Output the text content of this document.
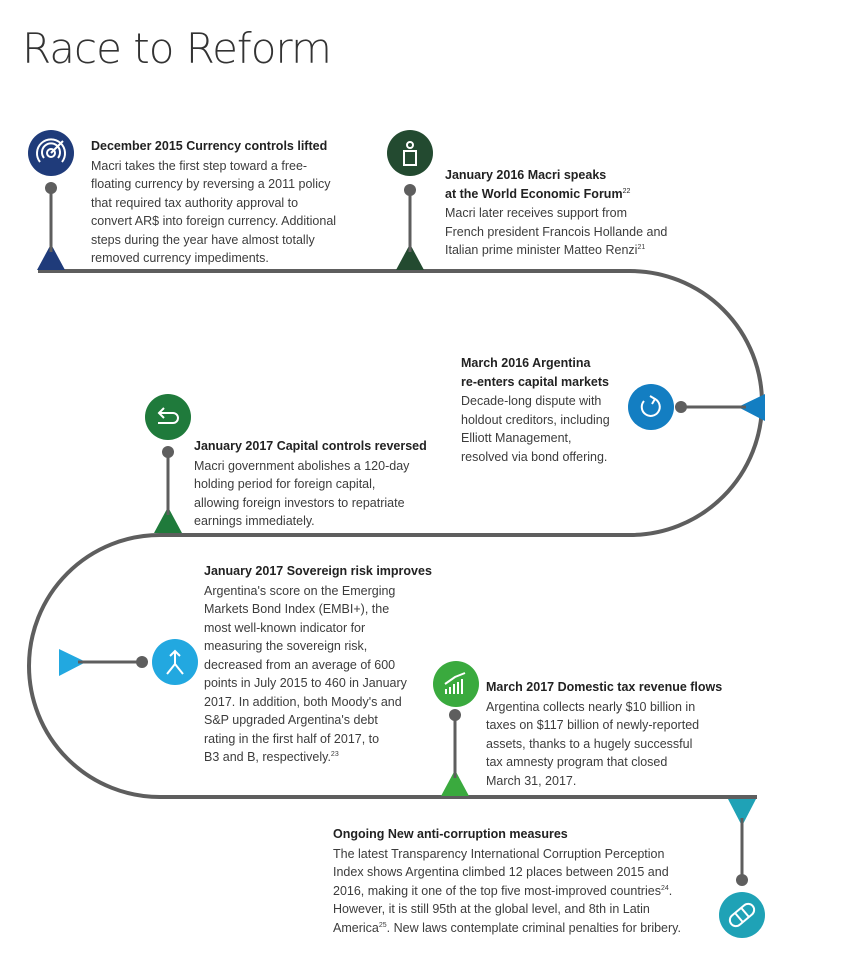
Race to Reform

December 2015 Currency controls lifted

Macri takes the first step toward a free-
floating currency by reversing a 2011 policy
that required tax authority approval to
convert AR$ into foreign currency. Additional
steps during the year have almost totally
removed currency impediments.

January 2016 Macri speaks
at the World Economic Forum$^{22}$

Macri later receives support from
French president Francois Hollande and
Italian prime minister Matteo Renzi$^{21}$

March 2016 Argentina
re-enters capital markets

Decade-long dispute with
holdout creditors, including
Elliott Management,
resolved via bond offering.

January 2017 Capital controls reversed

Macri government abolishes a 120-day
holding period for foreign capital,
allowing foreign investors to repatriate
earnings immediately.

January 2017 Sovereign risk improves

Argentina's score on the Emerging
Markets Bond Index (EMBI+), the
most well-known indicator for
measuring the sovereign risk,
decreased from an average of 600
points in July 2015 to 460 in January
2017. In addition, both Moody's and
S&P upgraded Argentina's debt
rating in the first half of 2017, to
B3 and B, respectively.$^{23}$

March 2017 Domestic tax revenue flows

Argentina collects nearly $10 billion in
taxes on $117 billion of newly-reported
assets, thanks to a hugely successful
tax amnesty program that closed
March 31, 2017.

Ongoing New anti-corruption measures

The latest Transparency International Corruption Perception
Index shows Argentina climbed 12 places between 2015 and
2016, making it one of the top five most-improved countries$^{24}$.
However, it is still 95th at the global level, and 8th in Latin
America$^{25}$. New laws contemplate criminal penalties for bribery.
